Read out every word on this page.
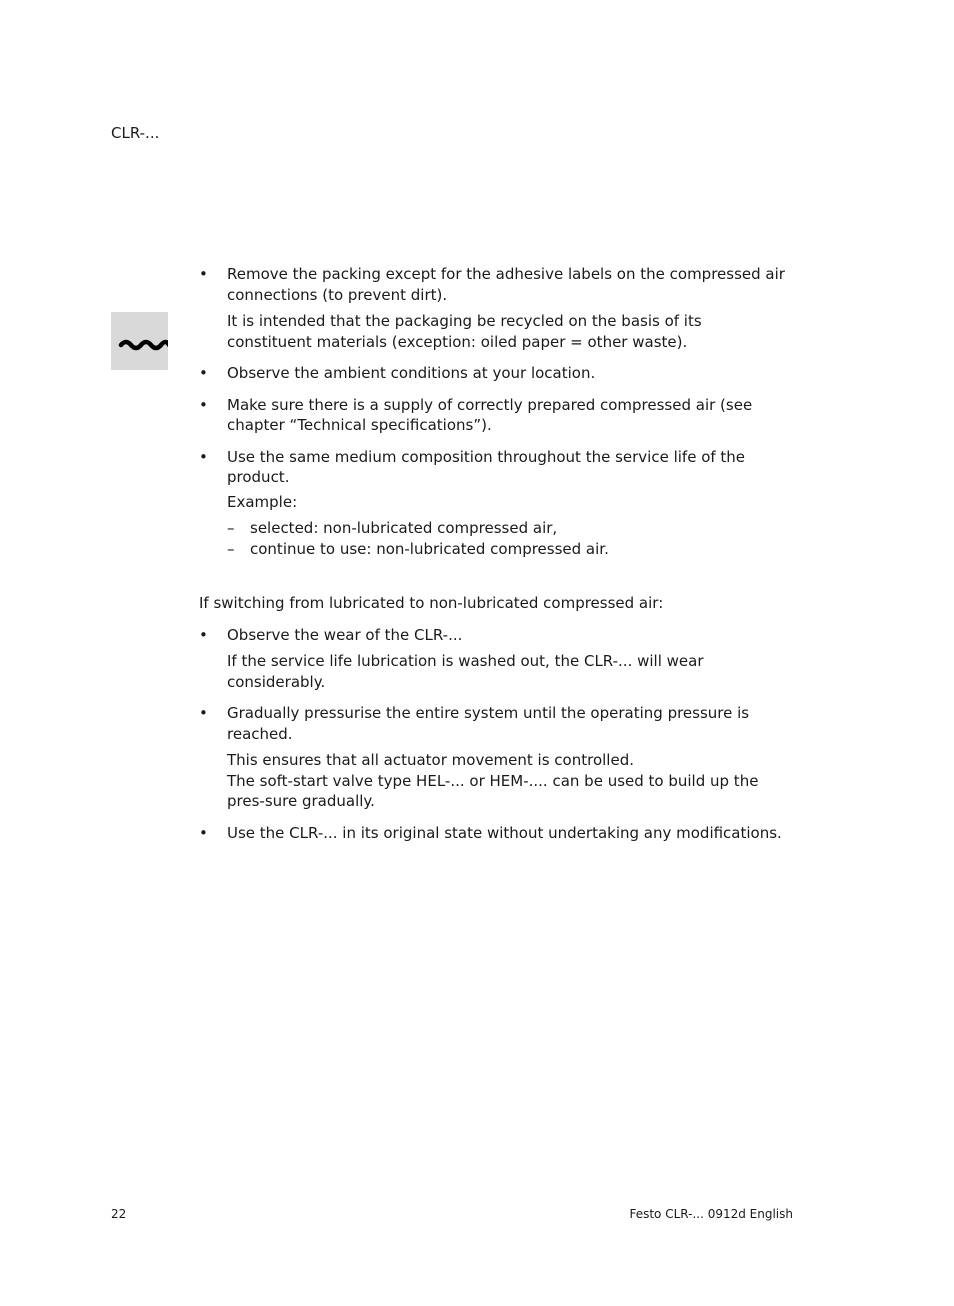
CLR-...
• Remove the packing except for the adhesive labels on the compressed air connections (to prevent dirt).

It is intended that the packaging be recycled on the basis of its constituent materials (exception: oiled paper = other waste).

• Observe the ambient conditions at your location.

• Make sure there is a supply of correctly prepared compressed air (see chapter “Technical specifications”).

• Use the same medium composition throughout the service life of the product.

Example:

– selected: non-lubricated compressed air,
– continue to use: non-lubricated compressed air.

If switching from lubricated to non-lubricated compressed air:

• Observe the wear of the CLR-...

If the service life lubrication is washed out, the CLR-... will wear considerably.

• Gradually pressurise the entire system until the operating pressure is reached.

This ensures that all actuator movement is controlled.

The soft-start valve type HEL-... or HEM-.... can be used to build up the pres-sure gradually.

• Use the CLR-... in its original state without undertaking any modifications.

22	Festo CLR-... 0912d English
